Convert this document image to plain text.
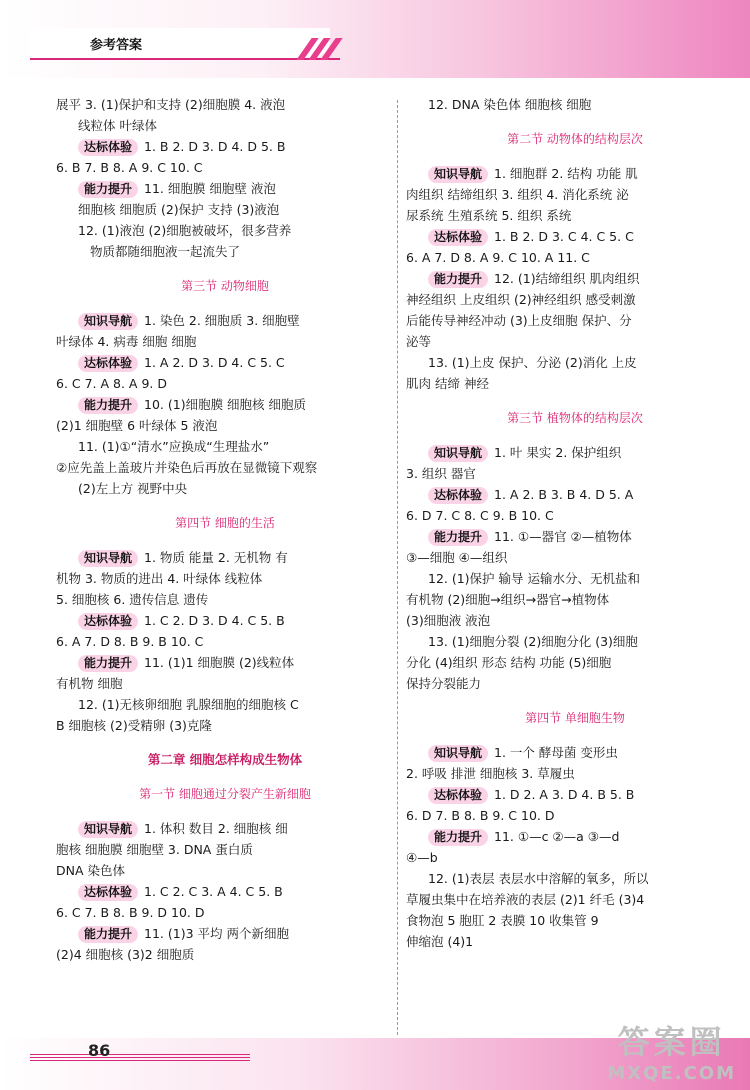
参考答案
展平 3. (1)保护和支持 (2)细胞膜 4. 液泡
线粒体 叶绿体
达标体验 1. B 2. D 3. D 4. D 5. B
6. B 7. B 8. A 9. C 10. C
能力提升 11. 细胞膜 细胞壁 液泡
细胞核 细胞质 (2)保护 支持 (3)液泡
12. (1)液泡 (2)细胞被破坏，很多营养
物质都随细胞液一起流失了
第三节 动物细胞
知识导航 1. 染色 2. 细胞质 3. 细胞壁
叶绿体 4. 病毒 细胞 细胞
达标体验 1. A 2. D 3. D 4. C 5. C
6. C 7. A 8. A 9. D
能力提升 10. (1)细胞膜 细胞核 细胞质
(2)1 细胞壁 6 叶绿体 5 液泡
11. (1)①“清水”应换成“生理盐水”
②应先盖上盖玻片并染色后再放在显微镜下观察
(2)左上方 视野中央
第四节 细胞的生活
知识导航 1. 物质 能量 2. 无机物 有
机物 3. 物质的进出 4. 叶绿体 线粒体
5. 细胞核 6. 遗传信息 遗传
达标体验 1. C 2. D 3. D 4. C 5. B
6. A 7. D 8. B 9. B 10. C
能力提升 11. (1)1 细胞膜 (2)线粒体
有机物 细胞
12. (1)无核卵细胞 乳腺细胞的细胞核 C
B 细胞核 (2)受精卵 (3)克隆
第二章 细胞怎样构成生物体
第一节 细胞通过分裂产生新细胞
知识导航 1. 体积 数目 2. 细胞核 细
胞核 细胞膜 细胞壁 3. DNA 蛋白质
DNA 染色体
达标体验 1. C 2. C 3. A 4. C 5. B
6. C 7. B 8. B 9. D 10. D
能力提升 11. (1)3 平均 两个新细胞
(2)4 细胞核 (3)2 细胞质
12. DNA 染色体 细胞核 细胞
第二节 动物体的结构层次
知识导航 1. 细胞群 2. 结构 功能 肌
肉组织 结缔组织 3. 组织 4. 消化系统 泌
尿系统 生殖系统 5. 组织 系统
达标体验 1. B 2. D 3. C 4. C 5. C
6. A 7. D 8. A 9. C 10. A 11. C
能力提升 12. (1)结缔组织 肌肉组织
神经组织 上皮组织 (2)神经组织 感受刺激
后能传导神经冲动 (3)上皮细胞 保护、分
泌等
13. (1)上皮 保护、分泌 (2)消化 上皮
肌肉 结缔 神经
第三节 植物体的结构层次
知识导航 1. 叶 果实 2. 保护组织
3. 组织 器官
达标体验 1. A 2. B 3. B 4. D 5. A
6. D 7. C 8. C 9. B 10. C
能力提升 11. ①—器官 ②—植物体
③—细胞 ④—组织
12. (1)保护 输导 运输水分、无机盐和
有机物 (2)细胞→组织→器官→植物体
(3)细胞液 液泡
13. (1)细胞分裂 (2)细胞分化 (3)细胞
分化 (4)组织 形态 结构 功能 (5)细胞
保持分裂能力
第四节 单细胞生物
知识导航 1. 一个 酵母菌 变形虫
2. 呼吸 排泄 细胞核 3. 草履虫
达标体验 1. D 2. A 3. D 4. B 5. B
6. D 7. B 8. B 9. C 10. D
能力提升 11. ①—c ②—a ③—d
④—b
12. (1)表层 表层水中溶解的氧多，所以
草履虫集中在培养液的表层 (2)1 纤毛 (3)4
食物泡 5 胞肛 2 表膜 10 收集管 9
伸缩泡 (4)1
86	答案圈
MXQE.COM
